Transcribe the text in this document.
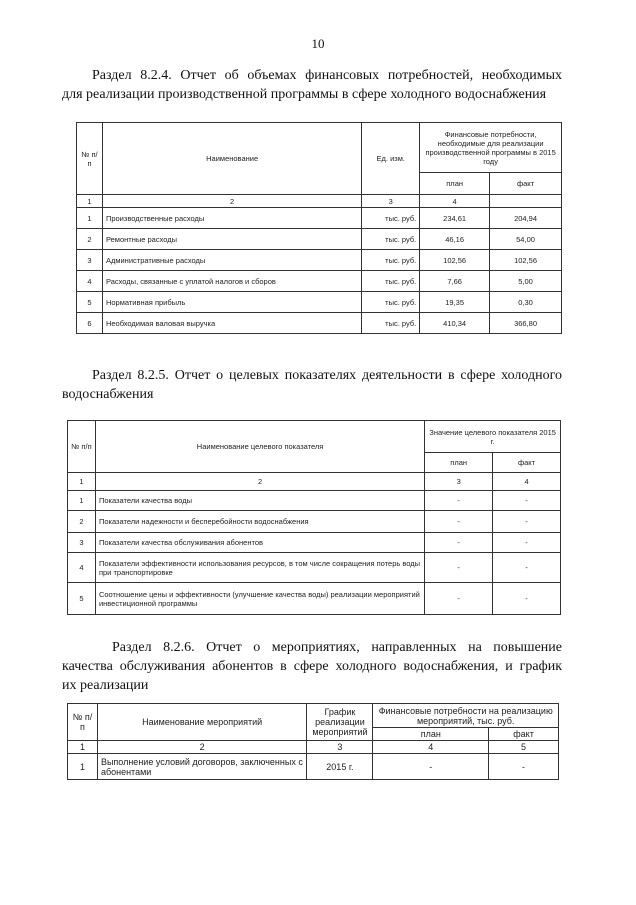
10
Раздел 8.2.4. Отчет об объемах финансовых потребностей, необходимых
для реализации производственной программы в сфере холодного водоснабжения
№ п/п	Наименование	Ед. изм.	Финансовые потребности, необходимые для реализации производственной программы в 2015 году	
			план	факт
1	2	3	4	
1	Производственные расходы	тыс. руб.	234,61	204,94
2	Ремонтные расходы	тыс. руб.	46,16	54,00
3	Административные расходы	тыс. руб.	102,56	102,56
4	Расходы, связанные с уплатой налогов и сборов	тыс. руб.	7,66	5,00
5	Нормативная прибыль	тыс. руб.	19,35	0,30
6	Необходимая валовая выручка	тыс. руб.	410,34	366,80
Раздел 8.2.5. Отчет о целевых показателях деятельности в сфере холодного
водоснабжения
№ п/п	Наименование целевого показателя	Значение целевого показателя 2015 г.	
		план	факт
1	2	3	4
1	Показатели качества воды	-	-
2	Показатели надежности и бесперебойности водоснабжения	-	-
3	Показатели качества обслуживания абонентов	-	-
4	Показатели эффективности использования ресурсов, в том числе сокращения потерь воды при транспортировке	-	-
5	Соотношение цены и эффективности (улучшение качества воды) реализации мероприятий инвестиционной программы	-	-
Раздел 8.2.6. Отчет о мероприятиях, направленных на повышение
качества обслуживания абонентов в сфере холодного водоснабжения, и график
их реализации
№ п/п	Наименование мероприятий	График реализации мероприятий	Финансовые потребности на реализацию мероприятий, тыс. руб.	
			план	факт
1	2	3	4	5
1	Выполнение условий договоров, заключенных с абонентами	2015 г.	-	-
